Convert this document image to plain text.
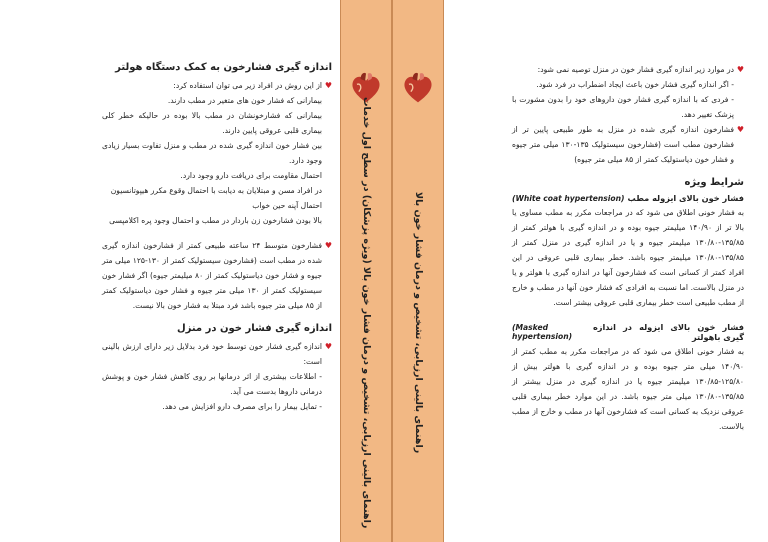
اندازه گیری فشارخون به کمک دستگاه هولتر
♥
از این روش در افراد زیر می توان استفاده کرد:
بیمارانی که فشار خون های متغیر در مطب دارند.
بیمارانی که فشارخونشان در مطب بالا بوده در حالیکه خطر کلی بیماری قلبی عروقی پایین دارند.
بین فشار خون اندازه گیری شده در مطب و منزل تفاوت بسیار زیادی وجود دارد.
احتمال مقاومت برای دریافت دارو وجود دارد.
در افراد مسن و مبتلایان به دیابت با احتمال وقوع مکرر هیپوتانسیون
احتمال آپنه حین خواب
بالا بودن فشارخون زن باردار در مطب و احتمال وجود پره اکلامپسی
♥
فشارخون متوسط ۲۴ ساعته طبیعی کمتر از فشارخون اندازه گیری شده در مطب است (فشارخون سیستولیک کمتر از ۱۳۰-۱۲۵ میلی متر جیوه و فشار خون دیاستولیک کمتر از ۸۰ میلیمتر جیوه) اگر فشار خون سیستولیک کمتر از ۱۳۰ میلی متر جیوه و فشار خون دیاستولیک کمتر از ۸۵ میلی متر جیوه باشد فرد مبتلا به فشار خون بالا نیست.
اندازه گیری فشار خون در منزل
♥
اندازه گیری فشار خون توسط خود فرد بدلایل زیر دارای ارزش بالینی است:
- اطلاعات بیشتری از اثر درمانها بر روی کاهش فشار خون و پوشش درمانی داروها بدست می آید.
- تمایل بیمار را برای مصرف دارو افزایش می دهد.	راهنمای بالینی ارزیابی، تشخیص و درمان فشار خون بالا (ویژه پزشکان) در سطح اول خدمات	راهنمای بالینی ارزیابی، تشخیص و درمان فشار خون بالا
♥
در موارد زیر اندازه گیری فشار خون در منزل توصیه نمی شود:
- اگر اندازه گیری فشار خون باعث ایجاد اضطراب در فرد شود.
- فردی که با اندازه گیری فشار خون داروهای خود را بدون مشورت با پزشک تغییر دهد.
♥
فشارخون اندازه گیری شده در منزل به طور طبیعی پایین تر از فشارخون مطب است (فشارخون سیستولیک ۱۳۵-۱۳۰ میلی متر جیوه و فشار خون دیاستولیک کمتر از ۸۵ میلی متر جیوه)
شرایط ویژه
فشار خون بالای ایزوله مطب
(White coat hypertension)
به فشار خونی اطلاق می شود که در مراجعات مکرر به مطب مساوی یا بالا تر از ۱۴۰/۹۰ میلیمتر جیوه بوده و در اندازه گیری با هولتر کمتر از ۱۳۵/۸۵-۱۳۰/۸۰ میلیمتر جیوه و یا در اندازه گیری در منزل کمتر از ۱۳۵/۸۵-۱۳۰/۸۰ میلیمتر جیوه باشد. خطر بیماری قلبی عروقی در این افراد کمتر از کسانی است که فشارخون آنها در اندازه گیری با هولتر و یا در منزل بالاست. اما نسبت به افرادی که فشار خون آنها در مطب و خارج از مطب طبیعی است خطر بیماری قلبی عروقی بیشتر است.
فشار خون بالای ایزوله در اندازه گیری باهولتر
(Masked hypertension)
به فشار خونی اطلاق می شود که در مراجعات مکرر به مطب کمتر از ۱۴۰/۹۰ میلی متر جیوه بوده و در اندازه گیری با هولتر بیش از ۱۲۵/۸۰-۱۳۰/۸۵ میلیمتر جیوه یا در اندازه گیری در منزل بیشتر از ۱۳۵/۸۵-۱۳۰/۸۰ میلی متر جیوه باشد. در این موارد خطر بیماری قلبی عروقی نزدیک به کسانی است که فشارخون آنها در مطب و خارج از مطب بالاست.
